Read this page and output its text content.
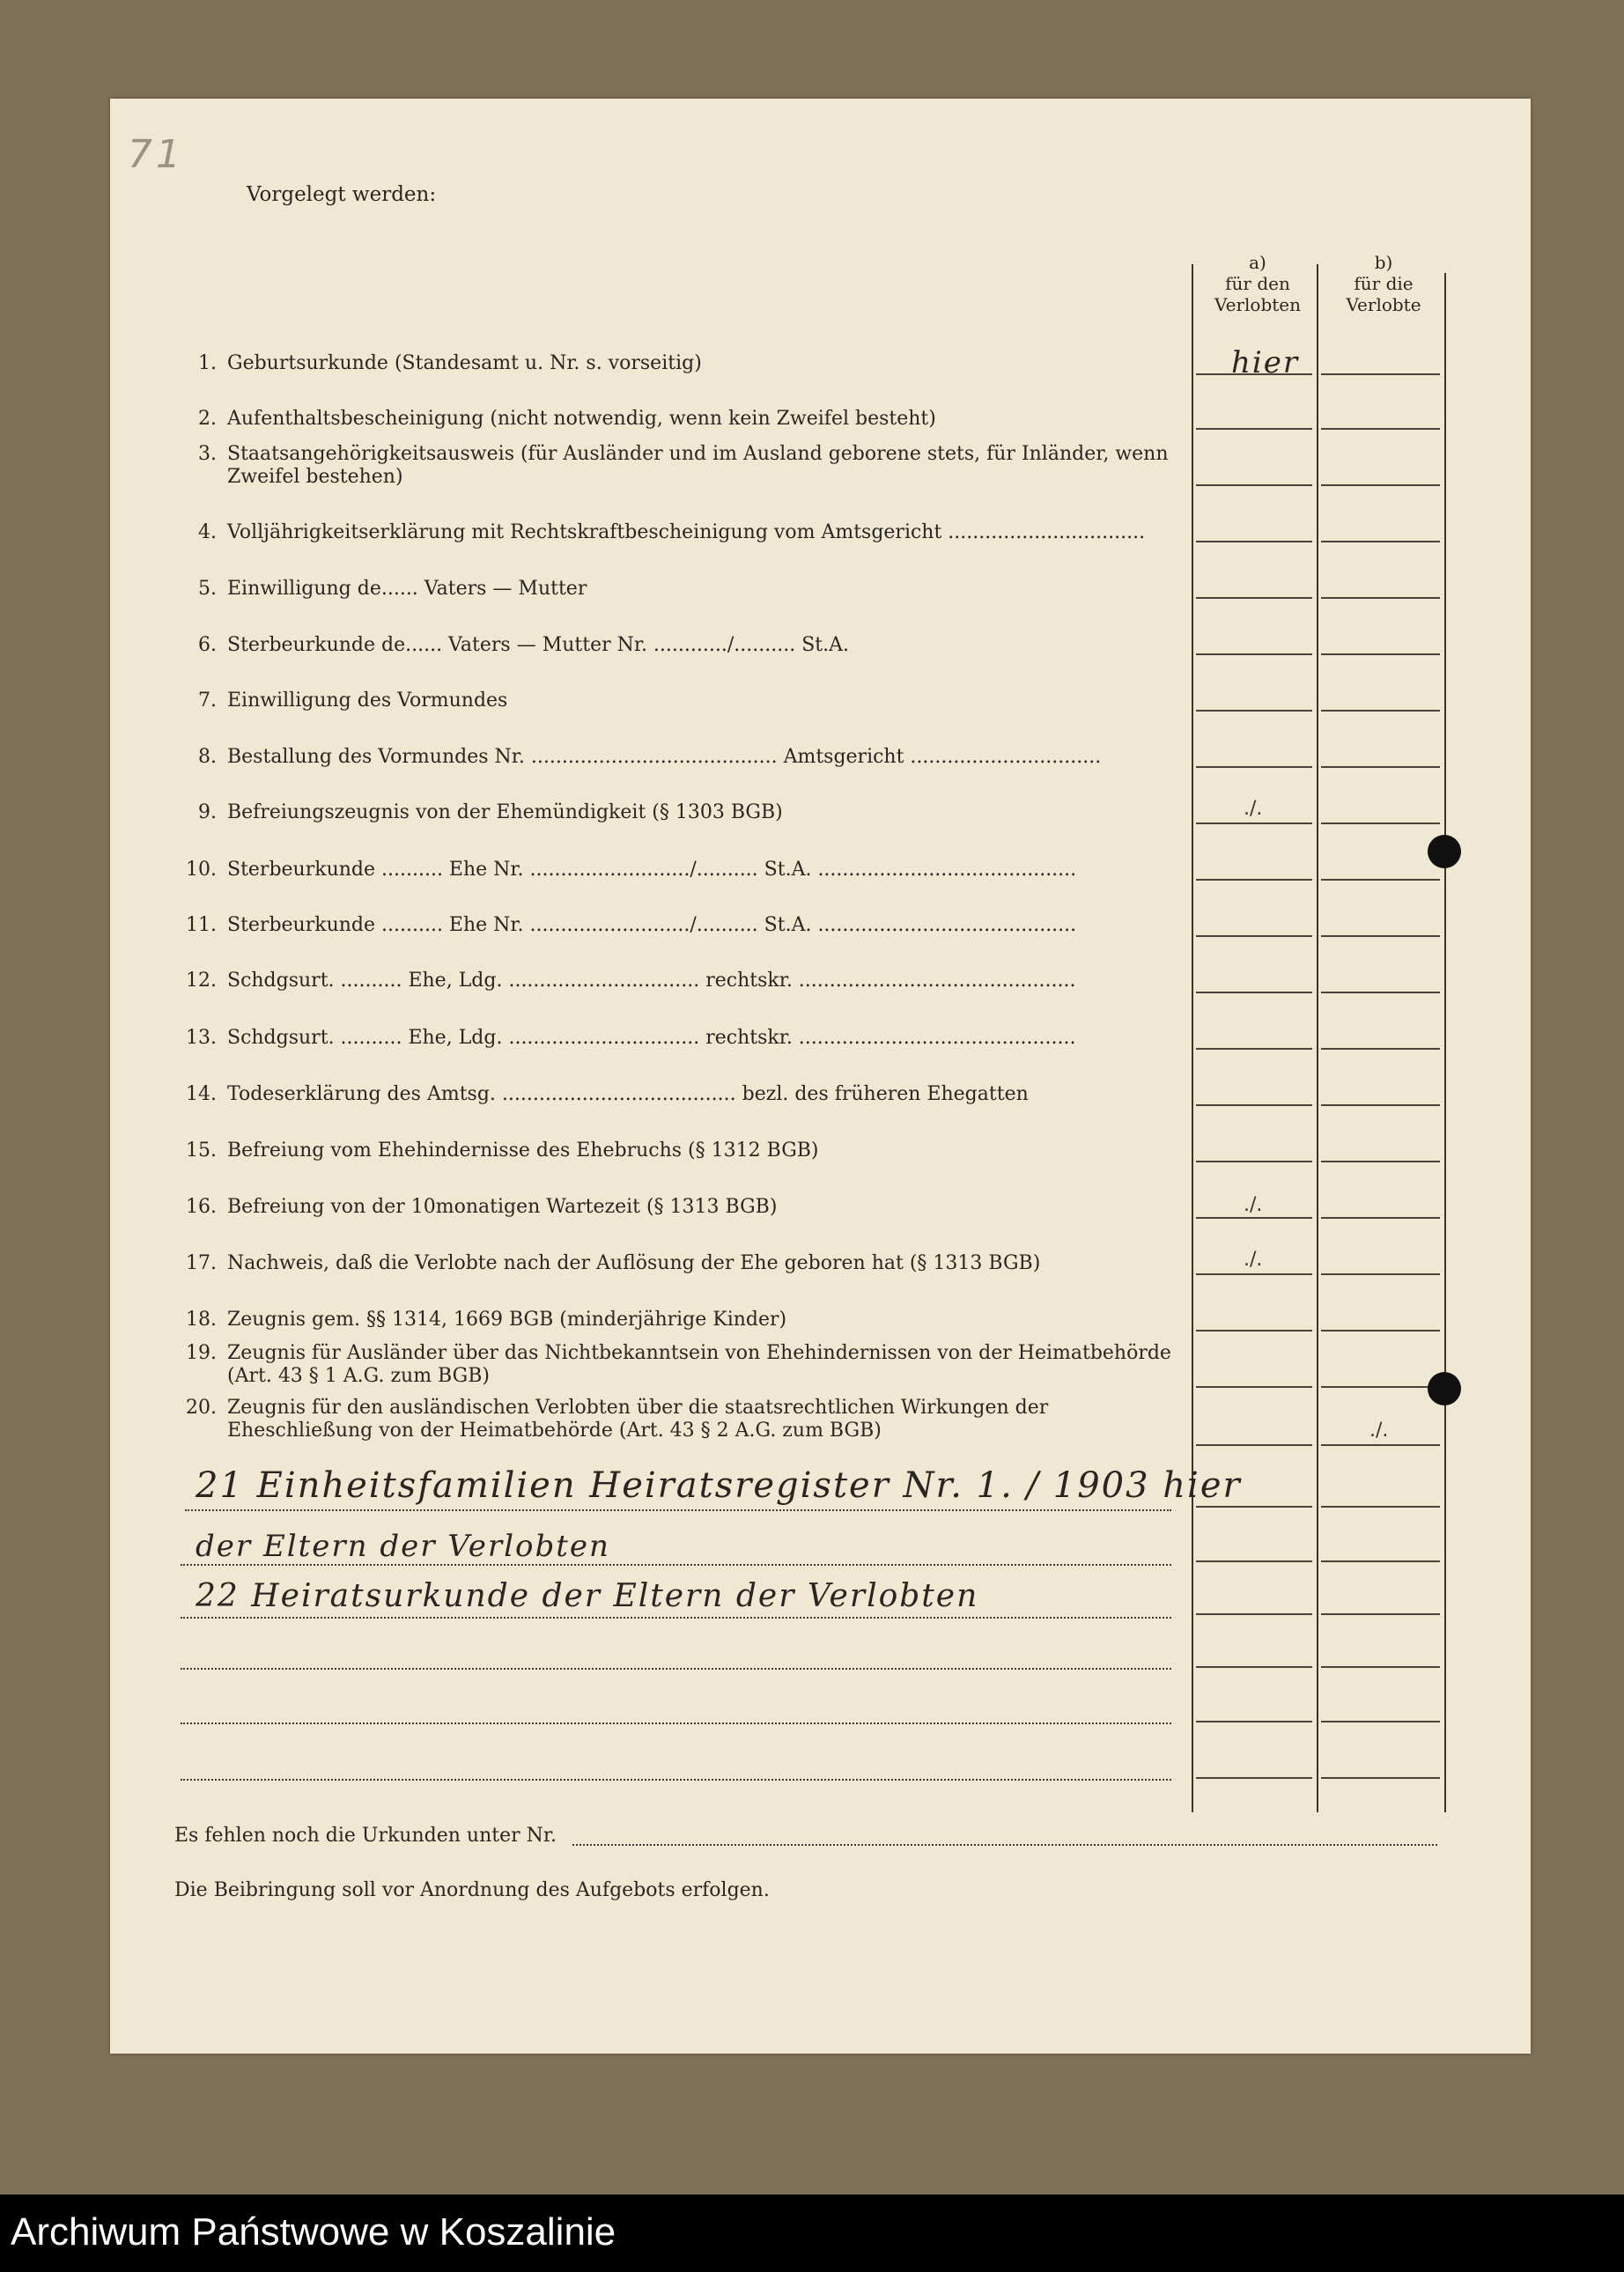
71
Vorgelegt werden:
a)
für den
Verlobten
b)
für die
Verlobte
1. Geburtsurkunde (Standesamt u. Nr. s. vorseitig)
2. Aufenthaltsbescheinigung (nicht notwendig, wenn kein Zweifel besteht)
3. Staatsangehörigkeitsausweis (für Ausländer und im Ausland geborene stets, für Inländer, wenn Zweifel bestehen)
4. Volljährigkeitserklärung mit Rechtskraftbescheinigung vom Amtsgericht ................................
5. Einwilligung de...... Vaters — Mutter
6. Sterbeurkunde de...... Vaters — Mutter Nr. ............/.......... St.A.
7. Einwilligung des Vormundes
8. Bestallung des Vormundes Nr. ........................................ Amtsgericht ...............................
9. Befreiungszeugnis von der Ehemündigkeit (§ 1303 BGB)
10. Sterbeurkunde .......... Ehe Nr. ........................../.......... St.A. ..........................................
11. Sterbeurkunde .......... Ehe Nr. ........................../.......... St.A. ..........................................
12. Schdgsurt. .......... Ehe, Ldg. ............................... rechtskr. .............................................
13. Schdgsurt. .......... Ehe, Ldg. ............................... rechtskr. .............................................
14. Todeserklärung des Amtsg. ...................................... bezl. des früheren Ehegatten
15. Befreiung vom Ehehindernisse des Ehebruchs (§ 1312 BGB)
16. Befreiung von der 10monatigen Wartezeit (§ 1313 BGB)
17. Nachweis, daß die Verlobte nach der Auflösung der Ehe geboren hat (§ 1313 BGB)
18. Zeugnis gem. §§ 1314, 1669 BGB (minderjährige Kinder)
19. Zeugnis für Ausländer über das Nichtbekanntsein von Ehehindernissen von der Heimatbehörde (Art. 43 § 1 A.G. zum BGB)
20. Zeugnis für den ausländischen Verlobten über die staatsrechtlichen Wirkungen der Eheschließung von der Heimatbehörde (Art. 43 § 2 A.G. zum BGB)
hier
./.
./.
./.
./.
21 Einheitsfamilien Heiratsregister Nr. 1. / 1903 hier
der Eltern der Verlobten
22 Heiratsurkunde der Eltern der Verlobten
Es fehlen noch die Urkunden unter Nr.
Die Beibringung soll vor Anordnung des Aufgebots erfolgen.
Archiwum Państwowe w Koszalinie
